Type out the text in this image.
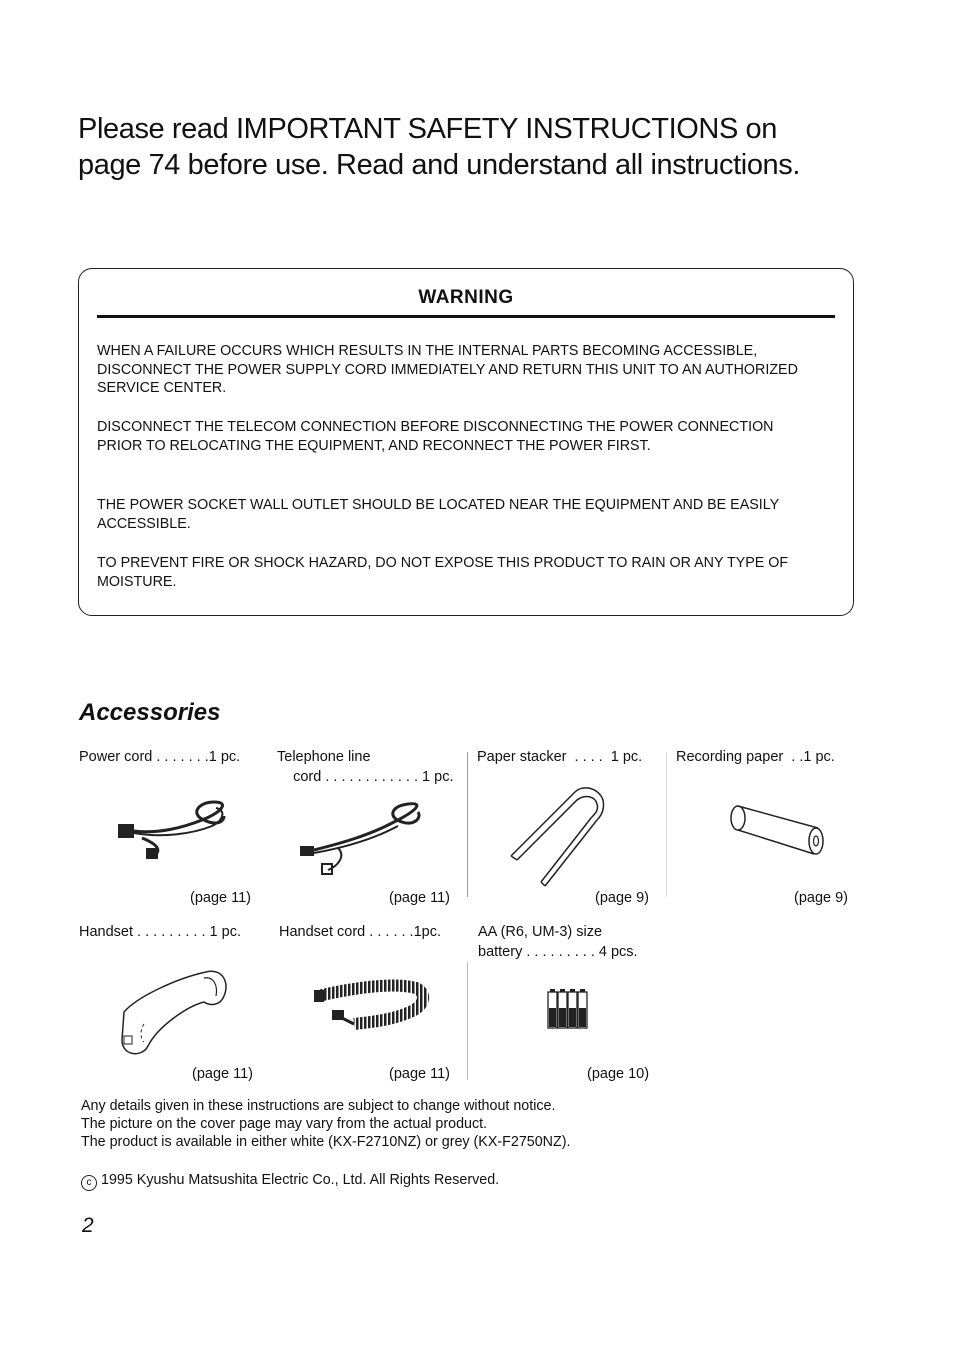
Please read IMPORTANT SAFETY INSTRUCTIONS on
page 74 before use. Read and understand all instructions.
WARNING

WHEN A FAILURE OCCURS WHICH RESULTS IN THE INTERNAL PARTS BECOMING ACCESSIBLE, DISCONNECT THE POWER SUPPLY CORD IMMEDIATELY AND RETURN THIS UNIT TO AN AUTHORIZED SERVICE CENTER.

DISCONNECT THE TELECOM CONNECTION BEFORE DISCONNECTING THE POWER CONNECTION PRIOR TO RELOCATING THE EQUIPMENT, AND RECONNECT THE POWER FIRST.

THE POWER SOCKET WALL OUTLET SHOULD BE LOCATED NEAR THE EQUIPMENT AND BE EASILY ACCESSIBLE.

TO PREVENT FIRE OR SHOCK HAZARD, DO NOT EXPOSE THIS PRODUCT TO RAIN OR ANY TYPE OF MOISTURE.

Accessories
Power cord . . . . . . .1 pc.	Telephone line
cord . . . . . . . . . . . . 1 pc.
Paper stacker  . . . .  1 pc. Recording paper  . .1 pc.
(page 11)	(page 11)	(page 9)	(page 9)
Handset . . . . . . . . . 1 pc.	Handset cord . . . . . .1pc.	AA (R6, UM-3) size
battery . . . . . . . . . 4 pcs.
(page 11)	(page 11)	(page 10)

Any details given in these instructions are subject to change without notice.

The picture on the cover page may vary from the actual product.

The product is available in either white (KX-F2710NZ) or grey (KX-F2750NZ).

c 1995 Kyushu Matsushita Electric Co., Ltd. All Rights Reserved.
2
